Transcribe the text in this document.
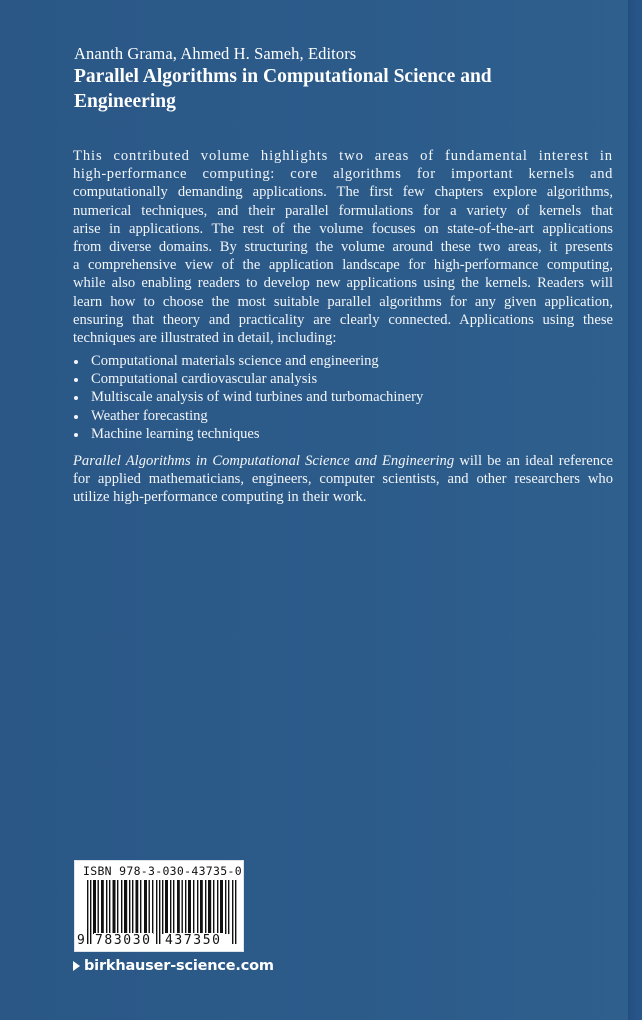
Ananth Grama, Ahmed H. Sameh, Editors
Parallel Algorithms in Computational Science and
Engineering
This contributed volume highlights two areas of fundamental interest in
high-performance computing: core algorithms for important kernels and
computationally demanding applications. The first few chapters explore algorithms,
numerical techniques, and their parallel formulations for a variety of kernels that
arise in applications. The rest of the volume focuses on state-of-the-art applications
from diverse domains. By structuring the volume around these two areas, it presents
a comprehensive view of the application landscape for high-performance computing,
while also enabling readers to develop new applications using the kernels. Readers will
learn how to choose the most suitable parallel algorithms for any given application,
ensuring that theory and practicality are clearly connected. Applications using these
techniques are illustrated in detail, including:
Computational materials science and engineering
Computational cardiovascular analysis
Multiscale analysis of wind turbines and turbomachinery
Weather forecasting
Machine learning techniques
Parallel Algorithms in Computational Science and Engineering will be an ideal reference
for applied mathematicians, engineers, computer scientists, and other researchers who
utilize high-performance computing in their work.
ISBN 978-3-030-43735-0
9 783030 437350
birkhauser-science.com
